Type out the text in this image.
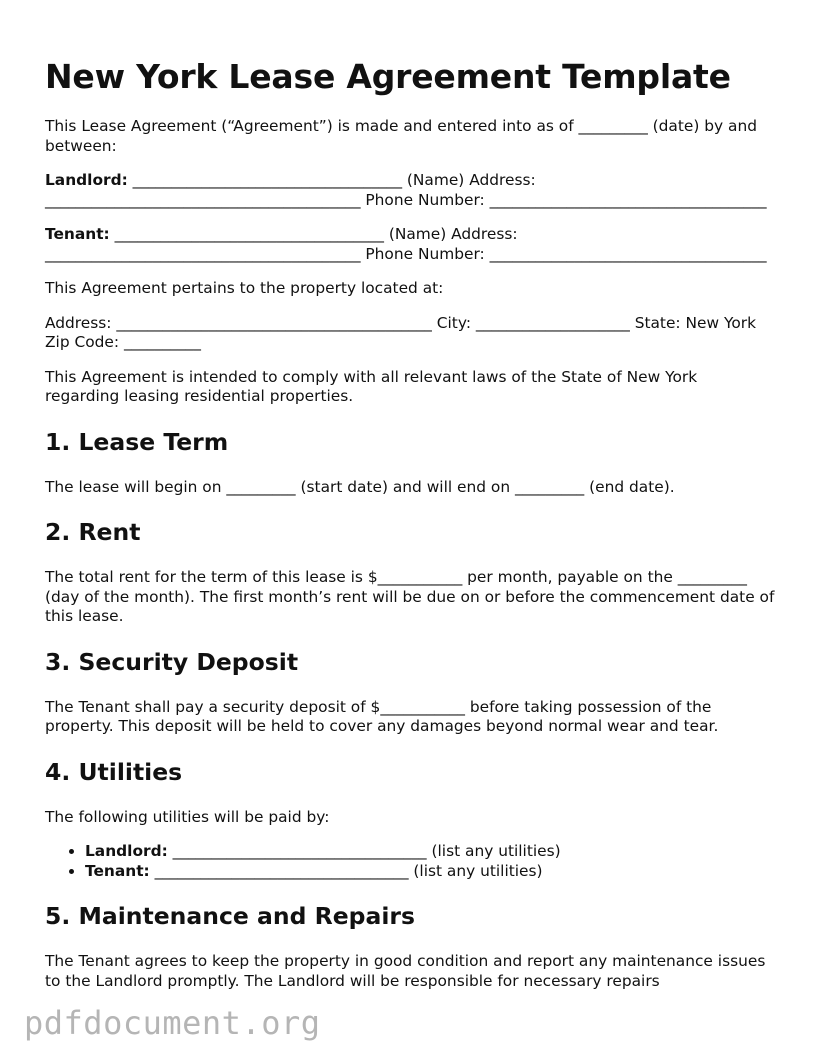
New York Lease Agreement Template

This Lease Agreement (“Agreement”) is made and entered into as of _________ (date) by and between:

Landlord: ___________________________________ (Name) Address: _________________________________________ Phone Number: ____________________________________

Tenant: ___________________________________ (Name) Address: _________________________________________ Phone Number: ____________________________________

This Agreement pertains to the property located at:

Address: _________________________________________ City: ____________________ State: New York Zip Code: __________

This Agreement is intended to comply with all relevant laws of the State of New York regarding leasing residential properties.

1. Lease Term

The lease will begin on _________ (start date) and will end on _________ (end date).

2. Rent

The total rent for the term of this lease is $___________ per month, payable on the _________ (day of the month). The first month’s rent will be due on or before the commencement date of this lease.

3. Security Deposit

The Tenant shall pay a security deposit of $___________ before taking possession of the property. This deposit will be held to cover any damages beyond normal wear and tear.

4. Utilities

The following utilities will be paid by:

• Landlord: _________________________________ (list any utilities)
• Tenant: _________________________________ (list any utilities)
5. Maintenance and Repairs

The Tenant agrees to keep the property in good condition and report any maintenance issues to the Landlord promptly. The Landlord will be responsible for necessary repairs

pdfdocument.org
